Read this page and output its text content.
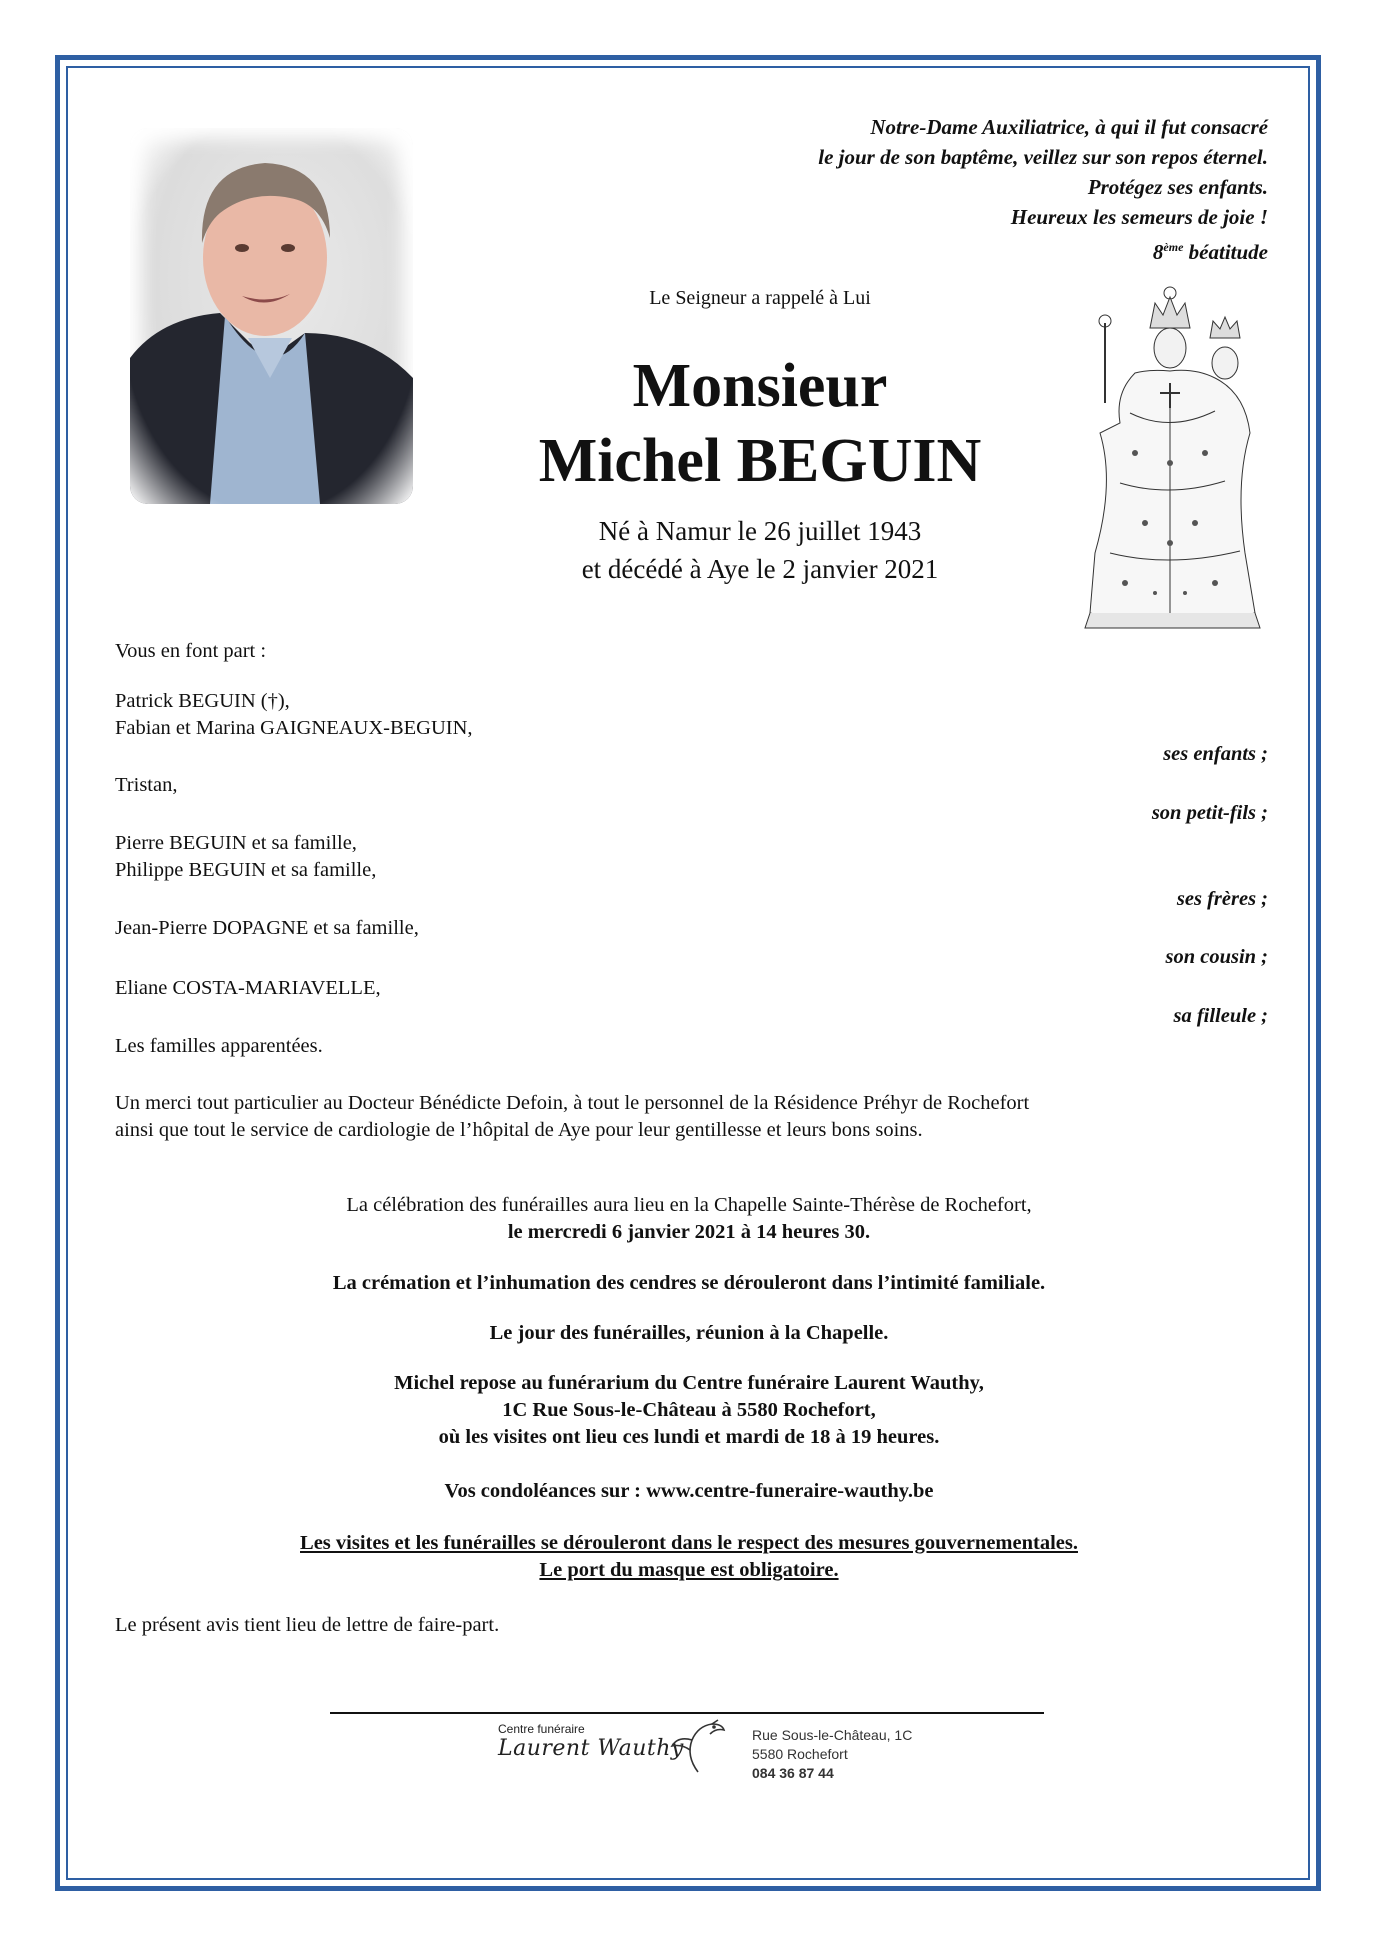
Notre-Dame Auxiliatrice, à qui il fut consacré
le jour de son baptême, veillez sur son repos éternel.
Protégez ses enfants.
Heureux les semeurs de joie !
8ème béatitude
Le Seigneur a rappelé à Lui
Monsieur
Michel BEGUIN
Né à Namur le 26 juillet 1943
et décédé à Aye le 2 janvier 2021
Vous en font part :
Patrick BEGUIN (†),
Fabian et Marina GAIGNEAUX-BEGUIN,
ses enfants ;
Tristan,
son petit-fils ;
Pierre BEGUIN et sa famille,
Philippe BEGUIN et sa famille,
ses frères ;
Jean-Pierre DOPAGNE et sa famille,
son cousin ;
Eliane COSTA-MARIAVELLE,
sa filleule ;
Les familles apparentées.
Un merci tout particulier au Docteur Bénédicte Defoin, à tout le personnel de la Résidence Préhyr de Rochefort
ainsi que tout le service de cardiologie de l’hôpital de Aye pour leur gentillesse et leurs bons soins.
La célébration des funérailles aura lieu en la Chapelle Sainte-Thérèse de Rochefort,
le mercredi 6 janvier 2021 à 14 heures 30.
La crémation et l’inhumation des cendres se dérouleront dans l’intimité familiale.
Le jour des funérailles, réunion à la Chapelle.
Michel repose au funérarium du Centre funéraire Laurent Wauthy,
1C Rue Sous-le-Château à 5580 Rochefort,
où les visites ont lieu ces lundi et mardi de 18 à 19 heures.
Vos condoléances sur : www.centre-funeraire-wauthy.be
Les visites et les funérailles se dérouleront dans le respect des mesures gouvernementales.
Le port du masque est obligatoire.
Le présent avis tient lieu de lettre de faire-part.
Centre funéraire
Laurent Wauthy
Rue Sous-le-Château, 1C
5580 Rochefort
084 36 87 44
